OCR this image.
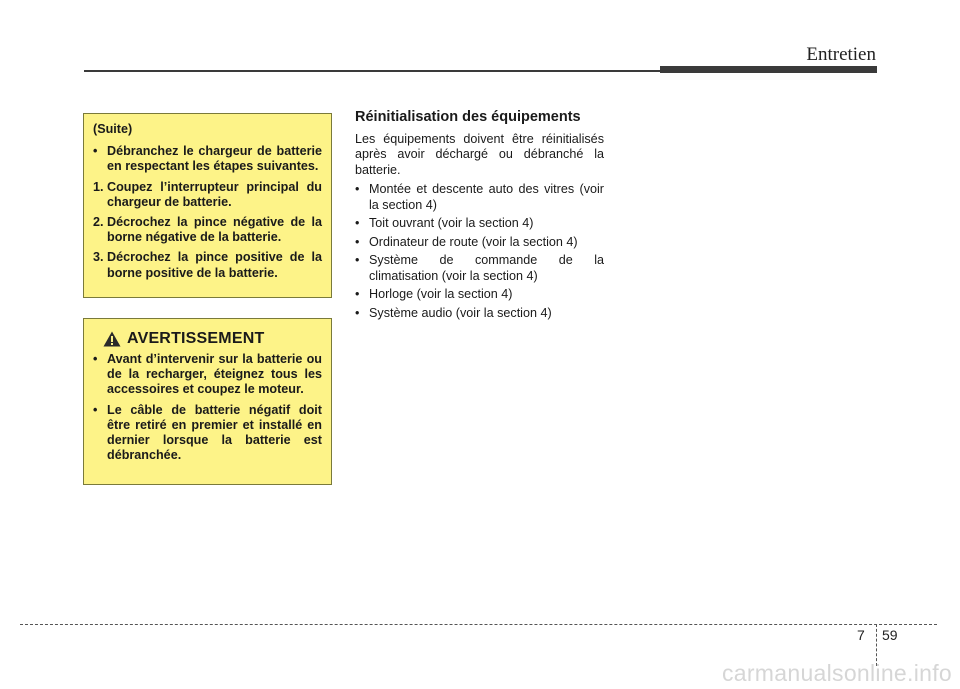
Entretien
(Suite)
• Débranchez le chargeur de batterie en respectant les étapes suivantes.
1. Coupez l’interrupteur principal du chargeur de batterie.
2. Décrochez la pince négative de la borne négative de la batterie.
3. Décrochez la pince positive de la borne positive de la batterie.
AVERTISSEMENT
• Avant d’intervenir sur la batterie ou de la recharger, éteignez tous les accessoires et coupez le moteur.
• Le câble de batterie négatif doit être retiré en premier et installé en dernier lorsque la batterie est débranchée.
Réinitialisation des équipements
Les équipements doivent être réinitialisés après avoir déchargé ou débranché la batterie.
• Montée et descente auto des vitres (voir la section 4)
• Toit ouvrant (voir la section 4)
• Ordinateur de route (voir la section 4)
• Système de commande de la climatisation (voir la section 4)
• Horloge (voir la section 4)
• Système audio (voir la section 4)
7 59
carmanualsonline.info
